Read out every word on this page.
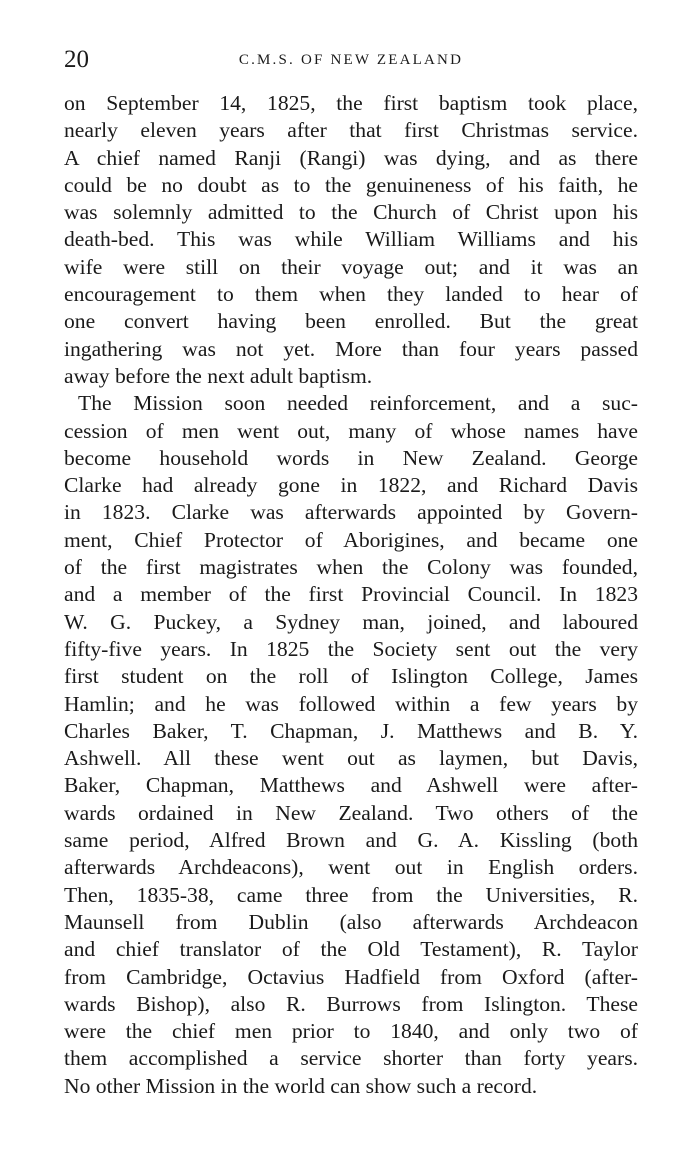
20	C.M.S. OF NEW ZEALAND
on September 14, 1825, the first baptism took place,
nearly eleven years after that first Christmas service.
A chief named Ranji (Rangi) was dying, and as there
could be no doubt as to the genuineness of his faith, he
was solemnly admitted to the Church of Christ upon his
death-bed. This was while William Williams and his
wife were still on their voyage out; and it was an
encouragement to them when they landed to hear of
one convert having been enrolled. But the great
ingathering was not yet. More than four years passed
away before the next adult baptism.
The Mission soon needed reinforcement, and a suc-
cession of men went out, many of whose names have
become household words in New Zealand. George
Clarke had already gone in 1822, and Richard Davis
in 1823. Clarke was afterwards appointed by Govern-
ment, Chief Protector of Aborigines, and became one
of the first magistrates when the Colony was founded,
and a member of the first Provincial Council. In 1823
W. G. Puckey, a Sydney man, joined, and laboured
fifty-five years. In 1825 the Society sent out the very
first student on the roll of Islington College, James
Hamlin; and he was followed within a few years by
Charles Baker, T. Chapman, J. Matthews and B. Y.
Ashwell. All these went out as laymen, but Davis,
Baker, Chapman, Matthews and Ashwell were after-
wards ordained in New Zealand. Two others of the
same period, Alfred Brown and G. A. Kissling (both
afterwards Archdeacons), went out in English orders.
Then, 1835-38, came three from the Universities, R.
Maunsell from Dublin (also afterwards Archdeacon
and chief translator of the Old Testament), R. Taylor
from Cambridge, Octavius Hadfield from Oxford (after-
wards Bishop), also R. Burrows from Islington. These
were the chief men prior to 1840, and only two of
them accomplished a service shorter than forty years.
No other Mission in the world can show such a record.
